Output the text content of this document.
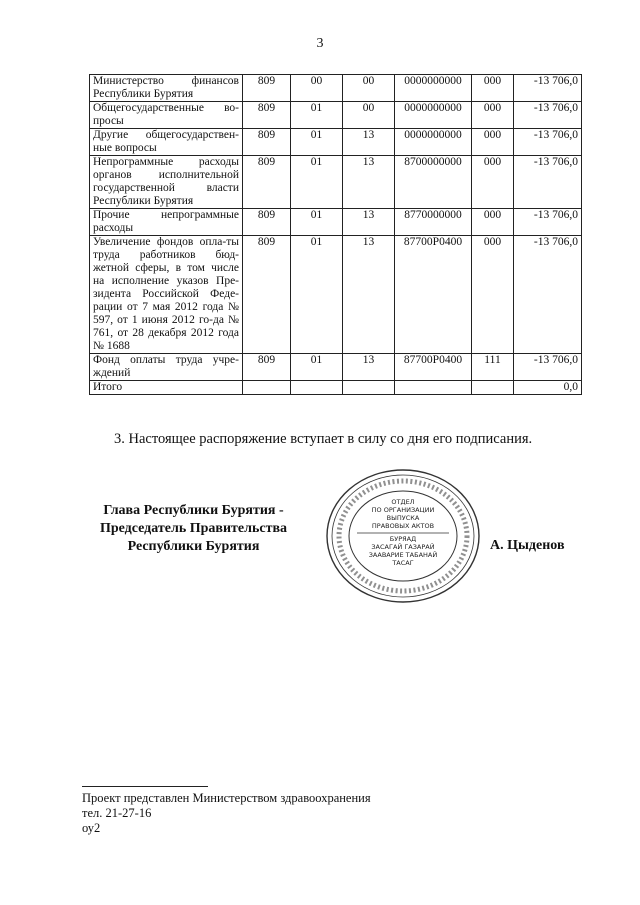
3
Министерство финансов Республики Бурятия	809	00	00	0000000000	000	-13 706,0
Общегосударственные во-просы	809	01	00	0000000000	000	-13 706,0
Другие общегосударствен-ные вопросы	809	01	13	0000000000	000	-13 706,0
Непрограммные расходы органов исполнительной государственной власти Республики Бурятия	809	01	13	8700000000	000	-13 706,0
Прочие непрограммные расходы	809	01	13	8770000000	000	-13 706,0
Увеличение фондов опла-ты труда работников бюд-жетной сферы, в том числе на исполнение указов Пре-зидента Российской Феде-рации от 7 мая 2012 года № 597, от 1 июня 2012 го-да № 761, от 28 декабря 2012 года № 1688	809	01	13	87700P0400	000	-13 706,0
Фонд оплаты труда учре-ждений	809	01	13	87700P0400	111	-13 706,0
Итого						0,0
3. Настоящее распоряжение вступает в силу со дня его подписания.
Глава Республики Бурятия -
Председатель Правительства
Республики Бурятия
ОТДЕЛ
ПО ОРГАНИЗАЦИИ
ВЫПУСКА
ПРАВОВЫХ АКТОВ
БУРЯАД
ЗАСАГАЙ ГАЗАРАЙ
ЗААВАРИЕ ТАБАНАЙ
ТАСАГ
А. Цыденов
Проект представлен Министерством здравоохранения
тел. 21-27-16
оу2
